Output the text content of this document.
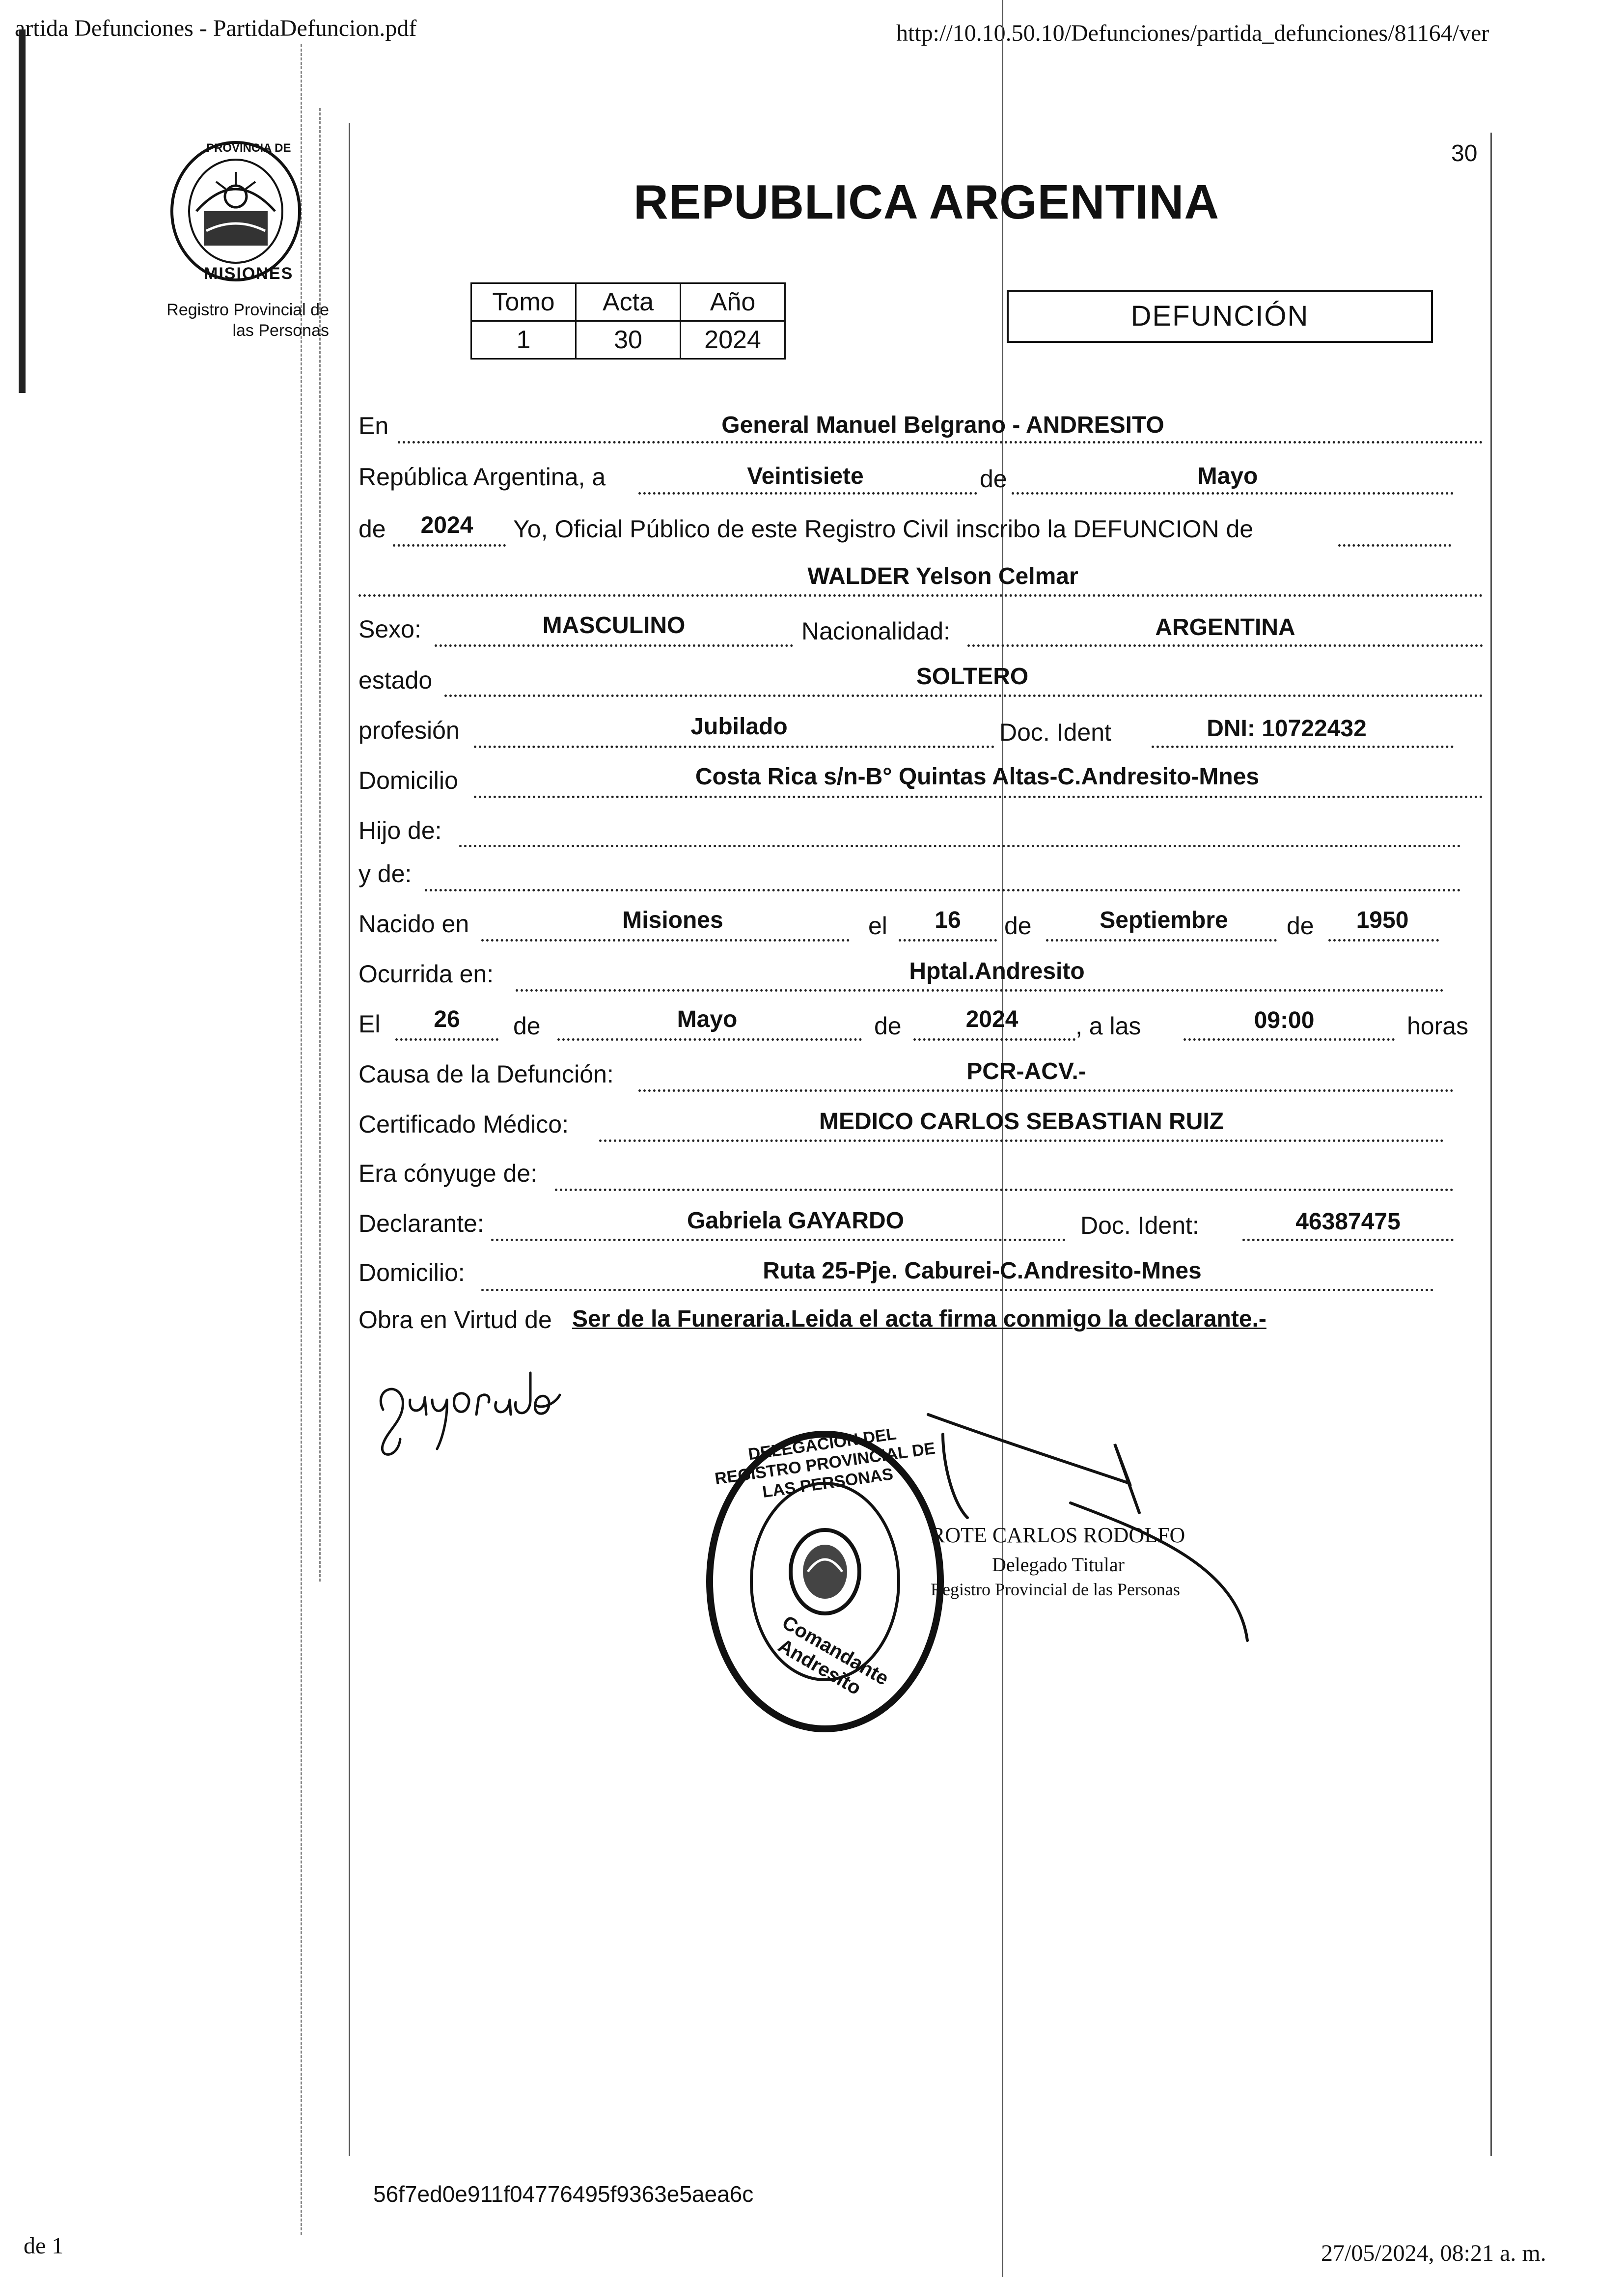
artida Defunciones - PartidaDefuncion.pdf	http://10.10.50.10/Defunciones/partida_defunciones/81164/ver
PROVINCIA DE
MISIONES
Registro Provincial de
las Personas
30
REPUBLICA ARGENTINA
Tomo	Acta	Año
1	30	2024
DEFUNCIÓN
En	General Manuel Belgrano - ANDRESITO
República Argentina, a	Veintisiete	de	Mayo
de 2024 Yo, Oficial Público de este Registro Civil inscribo la DEFUNCION de
WALDER Yelson Celmar
Sexo:	MASCULINO	Nacionalidad:	ARGENTINA
estado	SOLTERO
profesión	Jubilado	Doc. Ident	DNI: 10722432
Domicilio	Costa Rica s/n-B° Quintas Altas-C.Andresito-Mnes
Hijo de:
y de:
Nacido en	Misiones	el 16 de	Septiembre de 1950
Ocurrida en:	Hptal.Andresito
El 26 de	Mayo	de	2024 , a las	09:00	horas
Causa de la Defunción:	PCR-ACV.-
Certificado Médico:	MEDICO CARLOS SEBASTIAN RUIZ
Era cónyuge de:
Declarante:	Gabriela GAYARDO	Doc. Ident:	46387475
Domicilio:	Ruta 25-Pje. Caburei-C.Andresito-Mnes
Obra en Virtud de Ser de la Funeraria.Leida el acta firma conmigo la declarante.-
DELEGACION DEL REGISTRO PROVINCIAL DE LAS PERSONAS
Comandante Andresito
ROTE CARLOS RODOLFO
Delegado Titular
Registro Provincial de las Personas
56f7ed0e911f04776495f9363e5aea6c
de 1	27/05/2024, 08:21 a. m.
